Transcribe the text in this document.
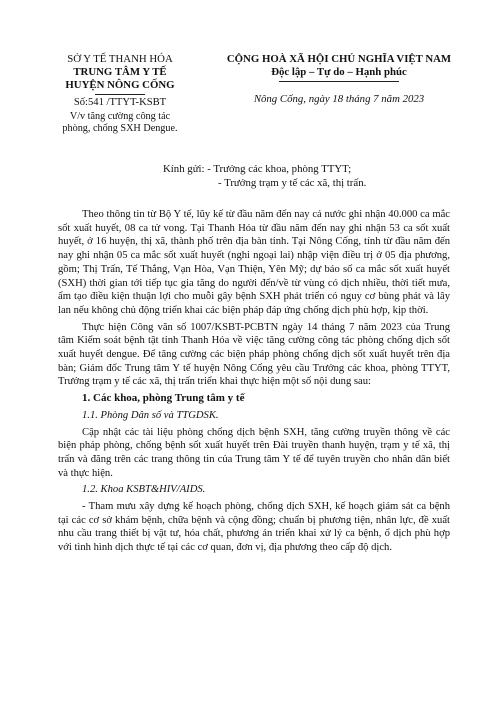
SỞ Y TẾ THANH HÓA
TRUNG TÂM Y TẾ
HUYỆN NÔNG CỐNG
Số:541 /TTYT-KSBT
V/v tăng cường công tác
phòng, chống SXH Dengue.
CỘNG HOÀ XÃ HỘI CHỦ NGHĨA VIỆT NAM
Độc lập – Tự do – Hạnh phúc
Nông Cống, ngày 18 tháng 7 năm 2023
Kính gửi: - Trưởng các khoa, phòng TTYT;
- Trưởng trạm y tế các xã, thị trấn.

Theo thông tin từ Bộ Y tế, lũy kế từ đầu năm đến nay cả nước ghi nhận 40.000 ca mắc sốt xuất huyết, 08 ca tử vong. Tại Thanh Hóa từ đầu năm đến nay ghi nhận 53 ca sốt xuất huyết, ở 16 huyện, thị xã, thành phố trên địa bàn tỉnh. Tại Nông Cống, tính từ đầu năm đến nay ghi nhận 05 ca mắc sốt xuất huyết (nghi ngoại lai) nhập viện điều trị ở 05 địa phương, gồm; Thị Trấn, Tế Thắng, Vạn Hòa, Vạn Thiện, Yên Mỹ; dự báo số ca mắc sốt xuất huyết (SXH) thời gian tới tiếp tục gia tăng do người đến/về từ vùng có dịch nhiều, thời tiết mưa, ẩm tạo điều kiện thuận lợi cho muỗi gây bệnh SXH phát triển có nguy cơ bùng phát và lây lan nếu không chủ động triển khai các biện pháp đáp ứng chống dịch phù hợp, kịp thời.

Thực hiện Công văn số 1007/KSBT-PCBTN ngày 14 tháng 7 năm 2023 của Trung tâm Kiểm soát bệnh tật tỉnh Thanh Hóa về việc tăng cường công tác phòng chống dịch sốt xuất huyết dengue. Để tăng cường các biện pháp phòng chống dịch sốt xuất huyết trên địa bàn; Giám đốc Trung tâm Y tế huyện Nông Cống yêu cầu Trưởng các khoa, phòng TTYT, Trưởng trạm y tế các xã, thị trấn triển khai thực hiện một số nội dung sau:

1. Các khoa, phòng Trung tâm y tế

1.1. Phòng Dân số và TTGDSK.

Cập nhật các tài liệu phòng chống dịch bệnh SXH, tăng cường truyền thông về các biện pháp phòng, chống bệnh sốt xuất huyết trên Đài truyền thanh huyện, trạm y tế xã, thị trấn và đăng trên các trang thông tin của Trung tâm Y tế để tuyên truyền cho nhân dân biết và thực hiện.

1.2. Khoa KSBT&HIV/AIDS.

- Tham mưu xây dựng kế hoạch phòng, chống dịch SXH, kế hoạch giám sát ca bệnh tại các cơ sở khám bệnh, chữa bệnh và cộng đồng; chuẩn bị phương tiện, nhân lực, đề xuất nhu cầu trang thiết bị vật tư, hóa chất, phương án triển khai xử lý ca bệnh, ổ dịch phù hợp với tình hình dịch thực tế tại các cơ quan, đơn vị, địa phương theo cấp độ dịch.
